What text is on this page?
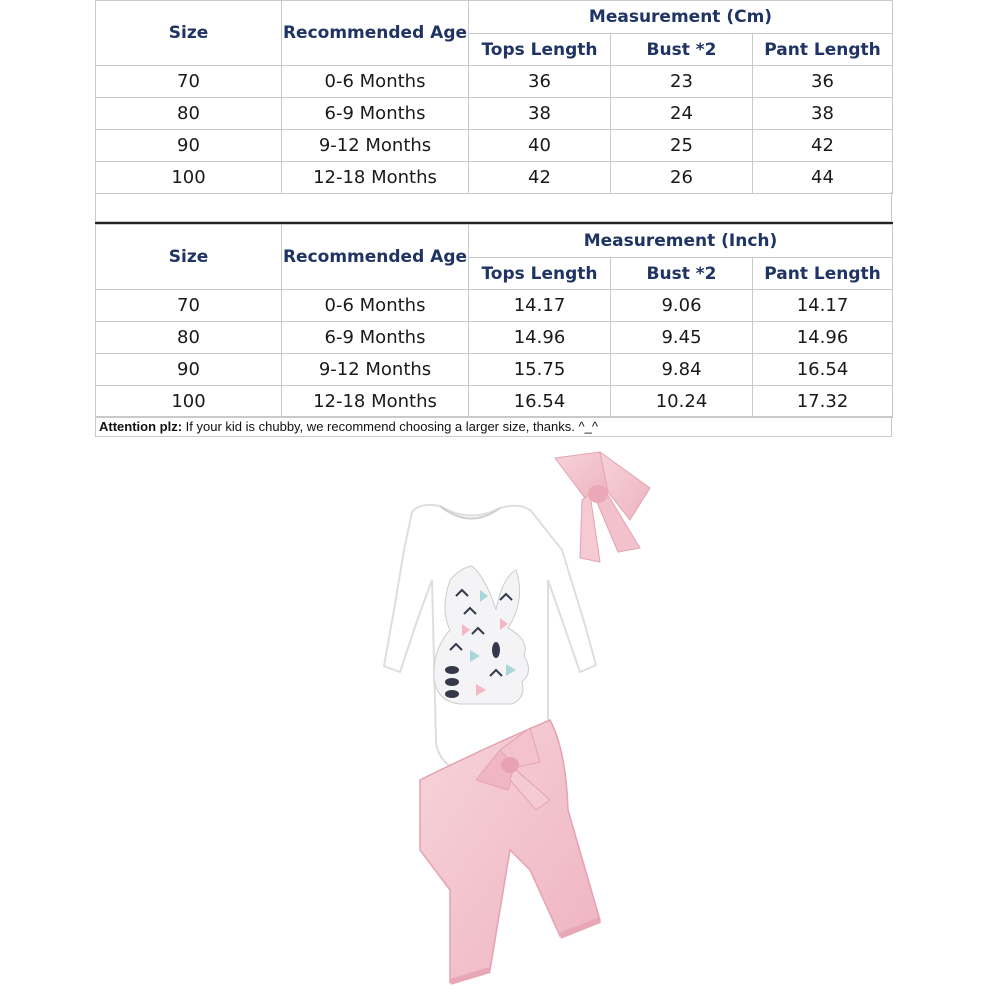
Size	Recommended Age	Measurement (Cm)		
		Tops Length	Bust *2	Pant Length
70	0-6 Months	36	23	36
80	6-9 Months	38	24	38
90	9-12 Months	40	25	42
100	12-18 Months	42	26	44
Size	Recommended Age	Measurement (Inch)		
		Tops Length	Bust *2	Pant Length
70	0-6 Months	14.17	9.06	14.17
80	6-9 Months	14.96	9.45	14.96
90	9-12 Months	15.75	9.84	16.54
100	12-18 Months	16.54	10.24	17.32
Attention plz: If your kid is chubby, we recommend choosing a larger size, thanks. ^_^
